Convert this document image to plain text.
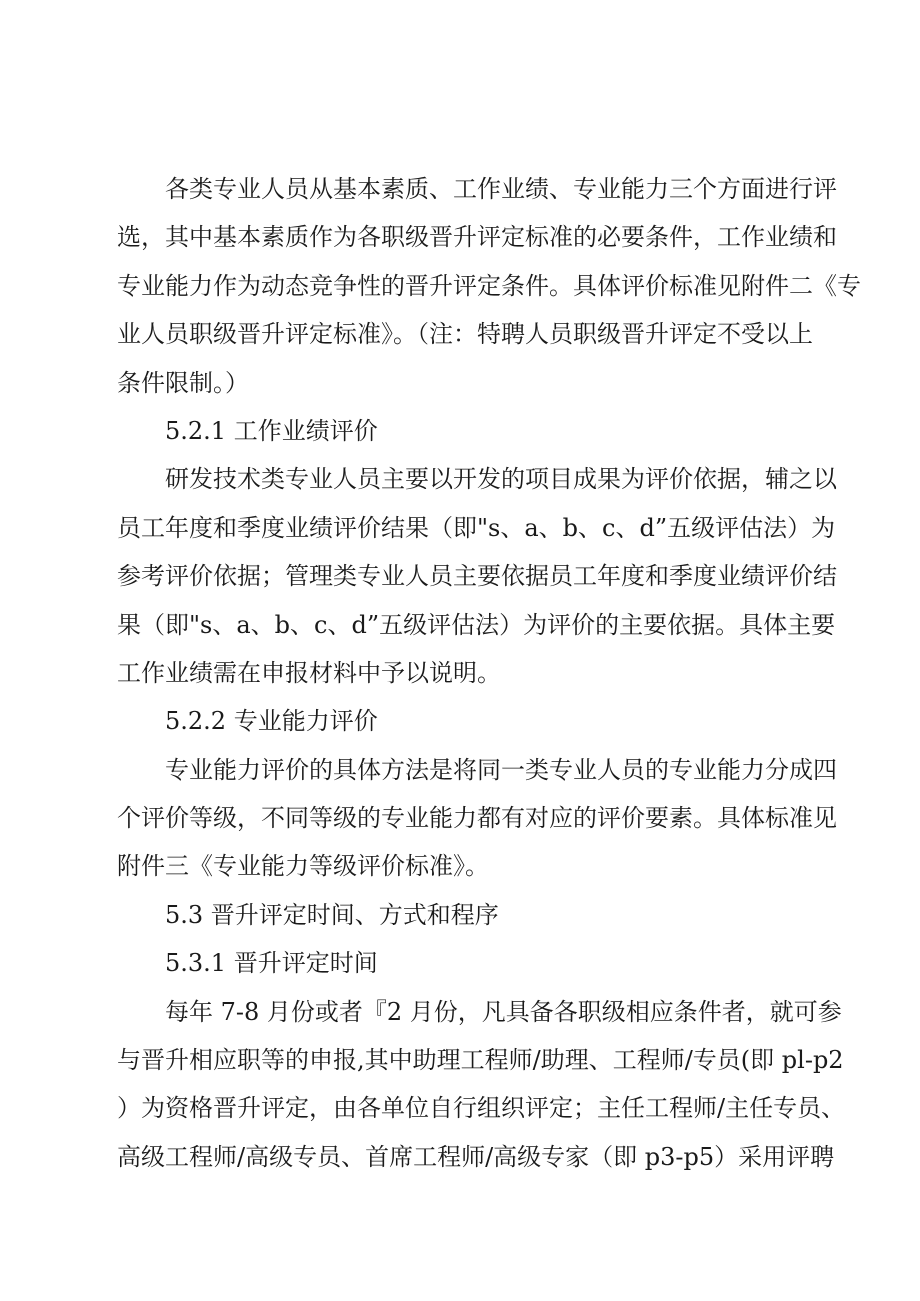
各类专业人员从基本素质、工作业绩、专业能力三个方面进行评
选，其中基本素质作为各职级晋升评定标准的必要条件，工作业绩和
专业能力作为动态竞争性的晋升评定条件。具体评价标准见附件二《专
业人员职级晋升评定标准》。（注：特聘人员职级晋升评定不受以上
条件限制。）
5.2.1 工作业绩评价
研发技术类专业人员主要以开发的项目成果为评价依据，辅之以
员工年度和季度业绩评价结果（即"s、a、b、c、d”五级评估法）为
参考评价依据；管理类专业人员主要依据员工年度和季度业绩评价结
果（即"s、a、b、c、d”五级评估法）为评价的主要依据。具体主要
工作业绩需在申报材料中予以说明。
5.2.2 专业能力评价
专业能力评价的具体方法是将同一类专业人员的专业能力分成四
个评价等级，不同等级的专业能力都有对应的评价要素。具体标准见
附件三《专业能力等级评价标准》。
5.3 晋升评定时间、方式和程序
5.3.1 晋升评定时间
每年 7-8 月份或者『2 月份，凡具备各职级相应条件者，就可参
与晋升相应职等的申报,其中助理工程师/助理、工程师/专员(即 pl-p2
）为资格晋升评定，由各单位自行组织评定；主任工程师/主任专员、
高级工程师/高级专员、首席工程师/高级专家（即 p3-p5）采用评聘
